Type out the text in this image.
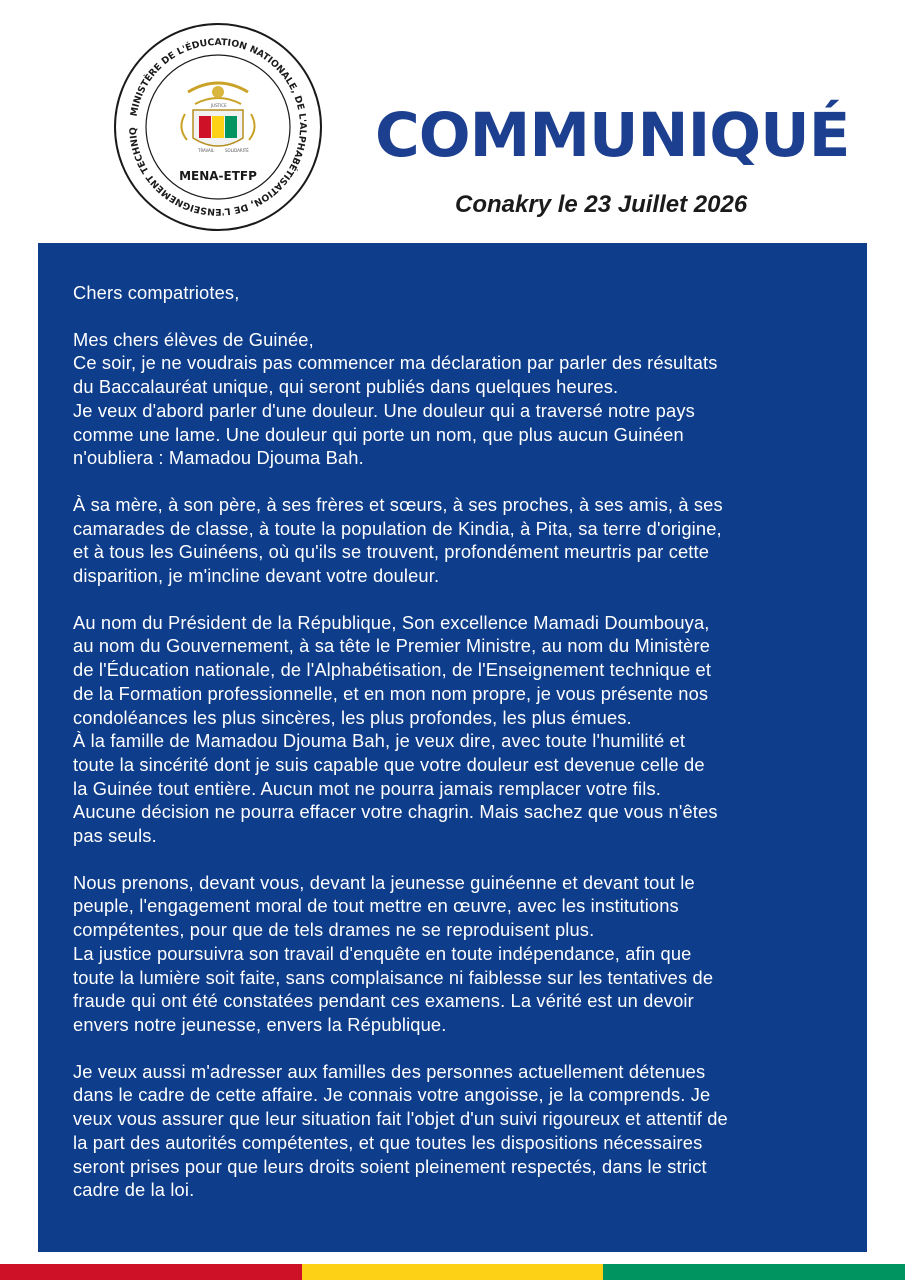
MINISTÈRE DE L'ÉDUCATION NATIONALE, DE L'ALPHABÉTISATION, DE L'ENSEIGNEMENT TECHNIQ
TRAVAIL
JUSTICE
SOLIDARITÉ
MENA-ETFP
COMMUNIQUÉ

Conakry le 23 Juillet 2026

Chers compatriotes,

Mes chers élèves de Guinée,
Ce soir, je ne voudrais pas commencer ma déclaration par parler des résultats
du Baccalauréat unique, qui seront publiés dans quelques heures.
Je veux d'abord parler d'une douleur. Une douleur qui a traversé notre pays
comme une lame. Une douleur qui porte un nom, que plus aucun Guinéen
n'oubliera : Mamadou Djouma Bah.

À sa mère, à son père, à ses frères et sœurs, à ses proches, à ses amis, à ses
camarades de classe, à toute la population de Kindia, à Pita, sa terre d'origine,
et à tous les Guinéens, où qu'ils se trouvent, profondément meurtris par cette
disparition, je m'incline devant votre douleur.

Au nom du Président de la République, Son excellence Mamadi Doumbouya,
au nom du Gouvernement, à sa tête le Premier Ministre, au nom du Ministère
de l'Éducation nationale, de l'Alphabétisation, de l'Enseignement technique et
de la Formation professionnelle, et en mon nom propre, je vous présente nos
condoléances les plus sincères, les plus profondes, les plus émues.
À la famille de Mamadou Djouma Bah, je veux dire, avec toute l'humilité et
toute la sincérité dont je suis capable que votre douleur est devenue celle de
la Guinée tout entière. Aucun mot ne pourra jamais remplacer votre fils.
Aucune décision ne pourra effacer votre chagrin. Mais sachez que vous n'êtes
pas seuls.

Nous prenons, devant vous, devant la jeunesse guinéenne et devant tout le
peuple, l'engagement moral de tout mettre en œuvre, avec les institutions
compétentes, pour que de tels drames ne se reproduisent plus.
La justice poursuivra son travail d'enquête en toute indépendance, afin que
toute la lumière soit faite, sans complaisance ni faiblesse sur les tentatives de
fraude qui ont été constatées pendant ces examens. La vérité est un devoir
envers notre jeunesse, envers la République.

Je veux aussi m'adresser aux familles des personnes actuellement détenues
dans le cadre de cette affaire. Je connais votre angoisse, je la comprends. Je
veux vous assurer que leur situation fait l'objet d'un suivi rigoureux et attentif de
la part des autorités compétentes, et que toutes les dispositions nécessaires
seront prises pour que leurs droits soient pleinement respectés, dans le strict
cadre de la loi.
